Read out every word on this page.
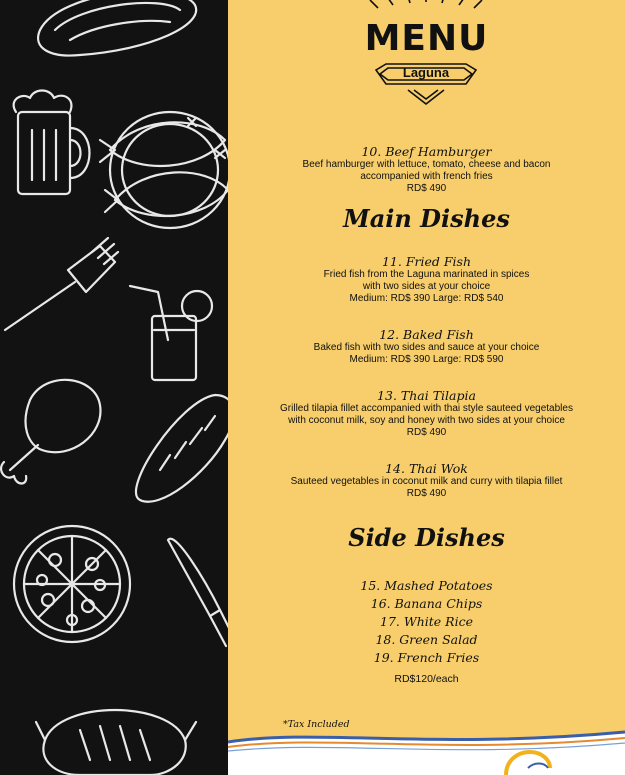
MENU
Laguna
10. Beef Hamburger
Beef hamburger with lettuce, tomato, cheese and bacon
accompanied with french fries
RD$ 490
Main Dishes
11. Fried Fish
Fried fish from the Laguna marinated in spices
with two sides at your choice
Medium: RD$ 390 Large: RD$ 540
12. Baked Fish
Baked fish with two sides and sauce at your choice
Medium: RD$ 390 Large: RD$ 590
13. Thai Tilapia
Grilled tilapia fillet accompanied with thai style sauteed vegetables
with coconut milk, soy and honey with two sides at your choice
RD$ 490
14. Thai Wok
Sauteed vegetables in coconut milk and curry with tilapia fillet
RD$ 490
Side Dishes
15. Mashed Potatoes
16. Banana Chips
17. White Rice
18. Green Salad
19. French Fries
RD$120/each
*Tax Included
